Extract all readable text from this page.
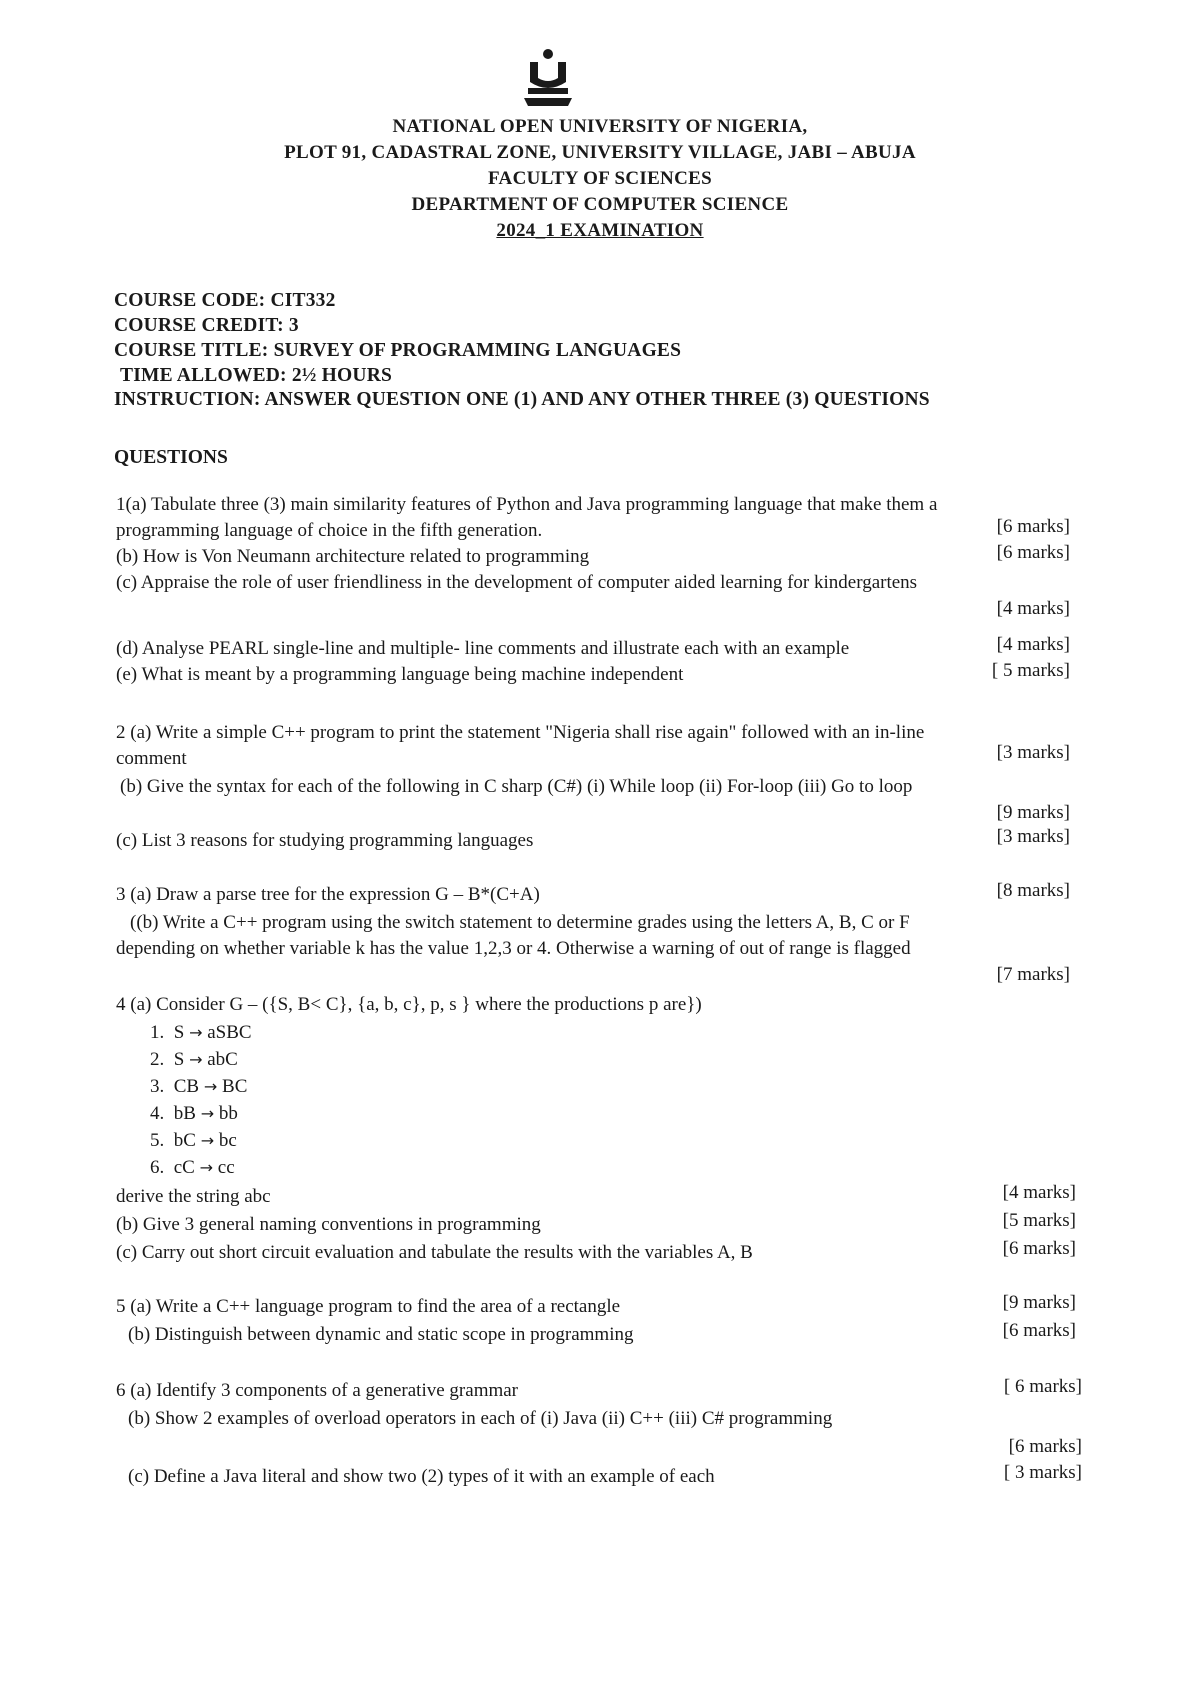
NATIONAL OPEN UNIVERSITY OF NIGERIA,
PLOT 91, CADASTRAL ZONE, UNIVERSITY VILLAGE, JABI – ABUJA
FACULTY OF SCIENCES
DEPARTMENT OF COMPUTER SCIENCE
2024_1 EXAMINATION
COURSE CODE: CIT332
COURSE CREDIT: 3
COURSE TITLE: SURVEY OF PROGRAMMING LANGUAGES
TIME ALLOWED: 2½ HOURS
INSTRUCTION: ANSWER QUESTION ONE (1) AND ANY OTHER THREE (3) QUESTIONS
QUESTIONS
1(a) Tabulate three (3) main similarity features of Python and Java programming language that make them a
programming language of choice in the fifth generation.	[6 marks]
(b) How is Von Neumann architecture related to programming	[6 marks]
(c) Appraise the role of user friendliness in the development of computer aided learning for kindergartens
[4 marks]
(d) Analyse PEARL single-line and multiple- line comments and illustrate each with an example	[4 marks]
(e) What is meant by a programming language being machine independent	[ 5 marks]
2 (a) Write a simple C++ program to print the statement "Nigeria shall rise again" followed with an in-line
comment	[3 marks]
(b) Give the syntax for each of the following in C sharp (C#) (i) While loop (ii) For-loop (iii) Go to loop
[9 marks]
(c) List 3 reasons for studying programming languages	[3 marks]
3 (a) Draw a parse tree for the expression G – B*(C+A)	[8 marks]
((b) Write a C++ program using the switch statement to determine grades using the letters A, B, C or F
depending on whether variable k has the value 1,2,3 or 4. Otherwise a warning of out of range is flagged
[7 marks]
4 (a) Consider G – ({S, B< C}, {a, b, c}, p, s } where the productions p are})
1. S → aSBC
2. S → abC
3. CB → BC
4. bB → bb
5. bC → bc
6. cC → cc
derive the string abc	[4 marks]
(b) Give 3 general naming conventions in programming	[5 marks]
(c) Carry out short circuit evaluation and tabulate the results with the variables A, B	[6 marks]
5 (a) Write a C++ language program to find the area of a rectangle	[9 marks]
(b) Distinguish between dynamic and static scope in programming	[6 marks]
6 (a) Identify 3 components of a generative grammar	[ 6 marks]
(b) Show 2 examples of overload operators in each of (i) Java (ii) C++ (iii) C# programming
[6 marks]
(c) Define a Java literal and show two (2) types of it with an example of each	[ 3 marks]
